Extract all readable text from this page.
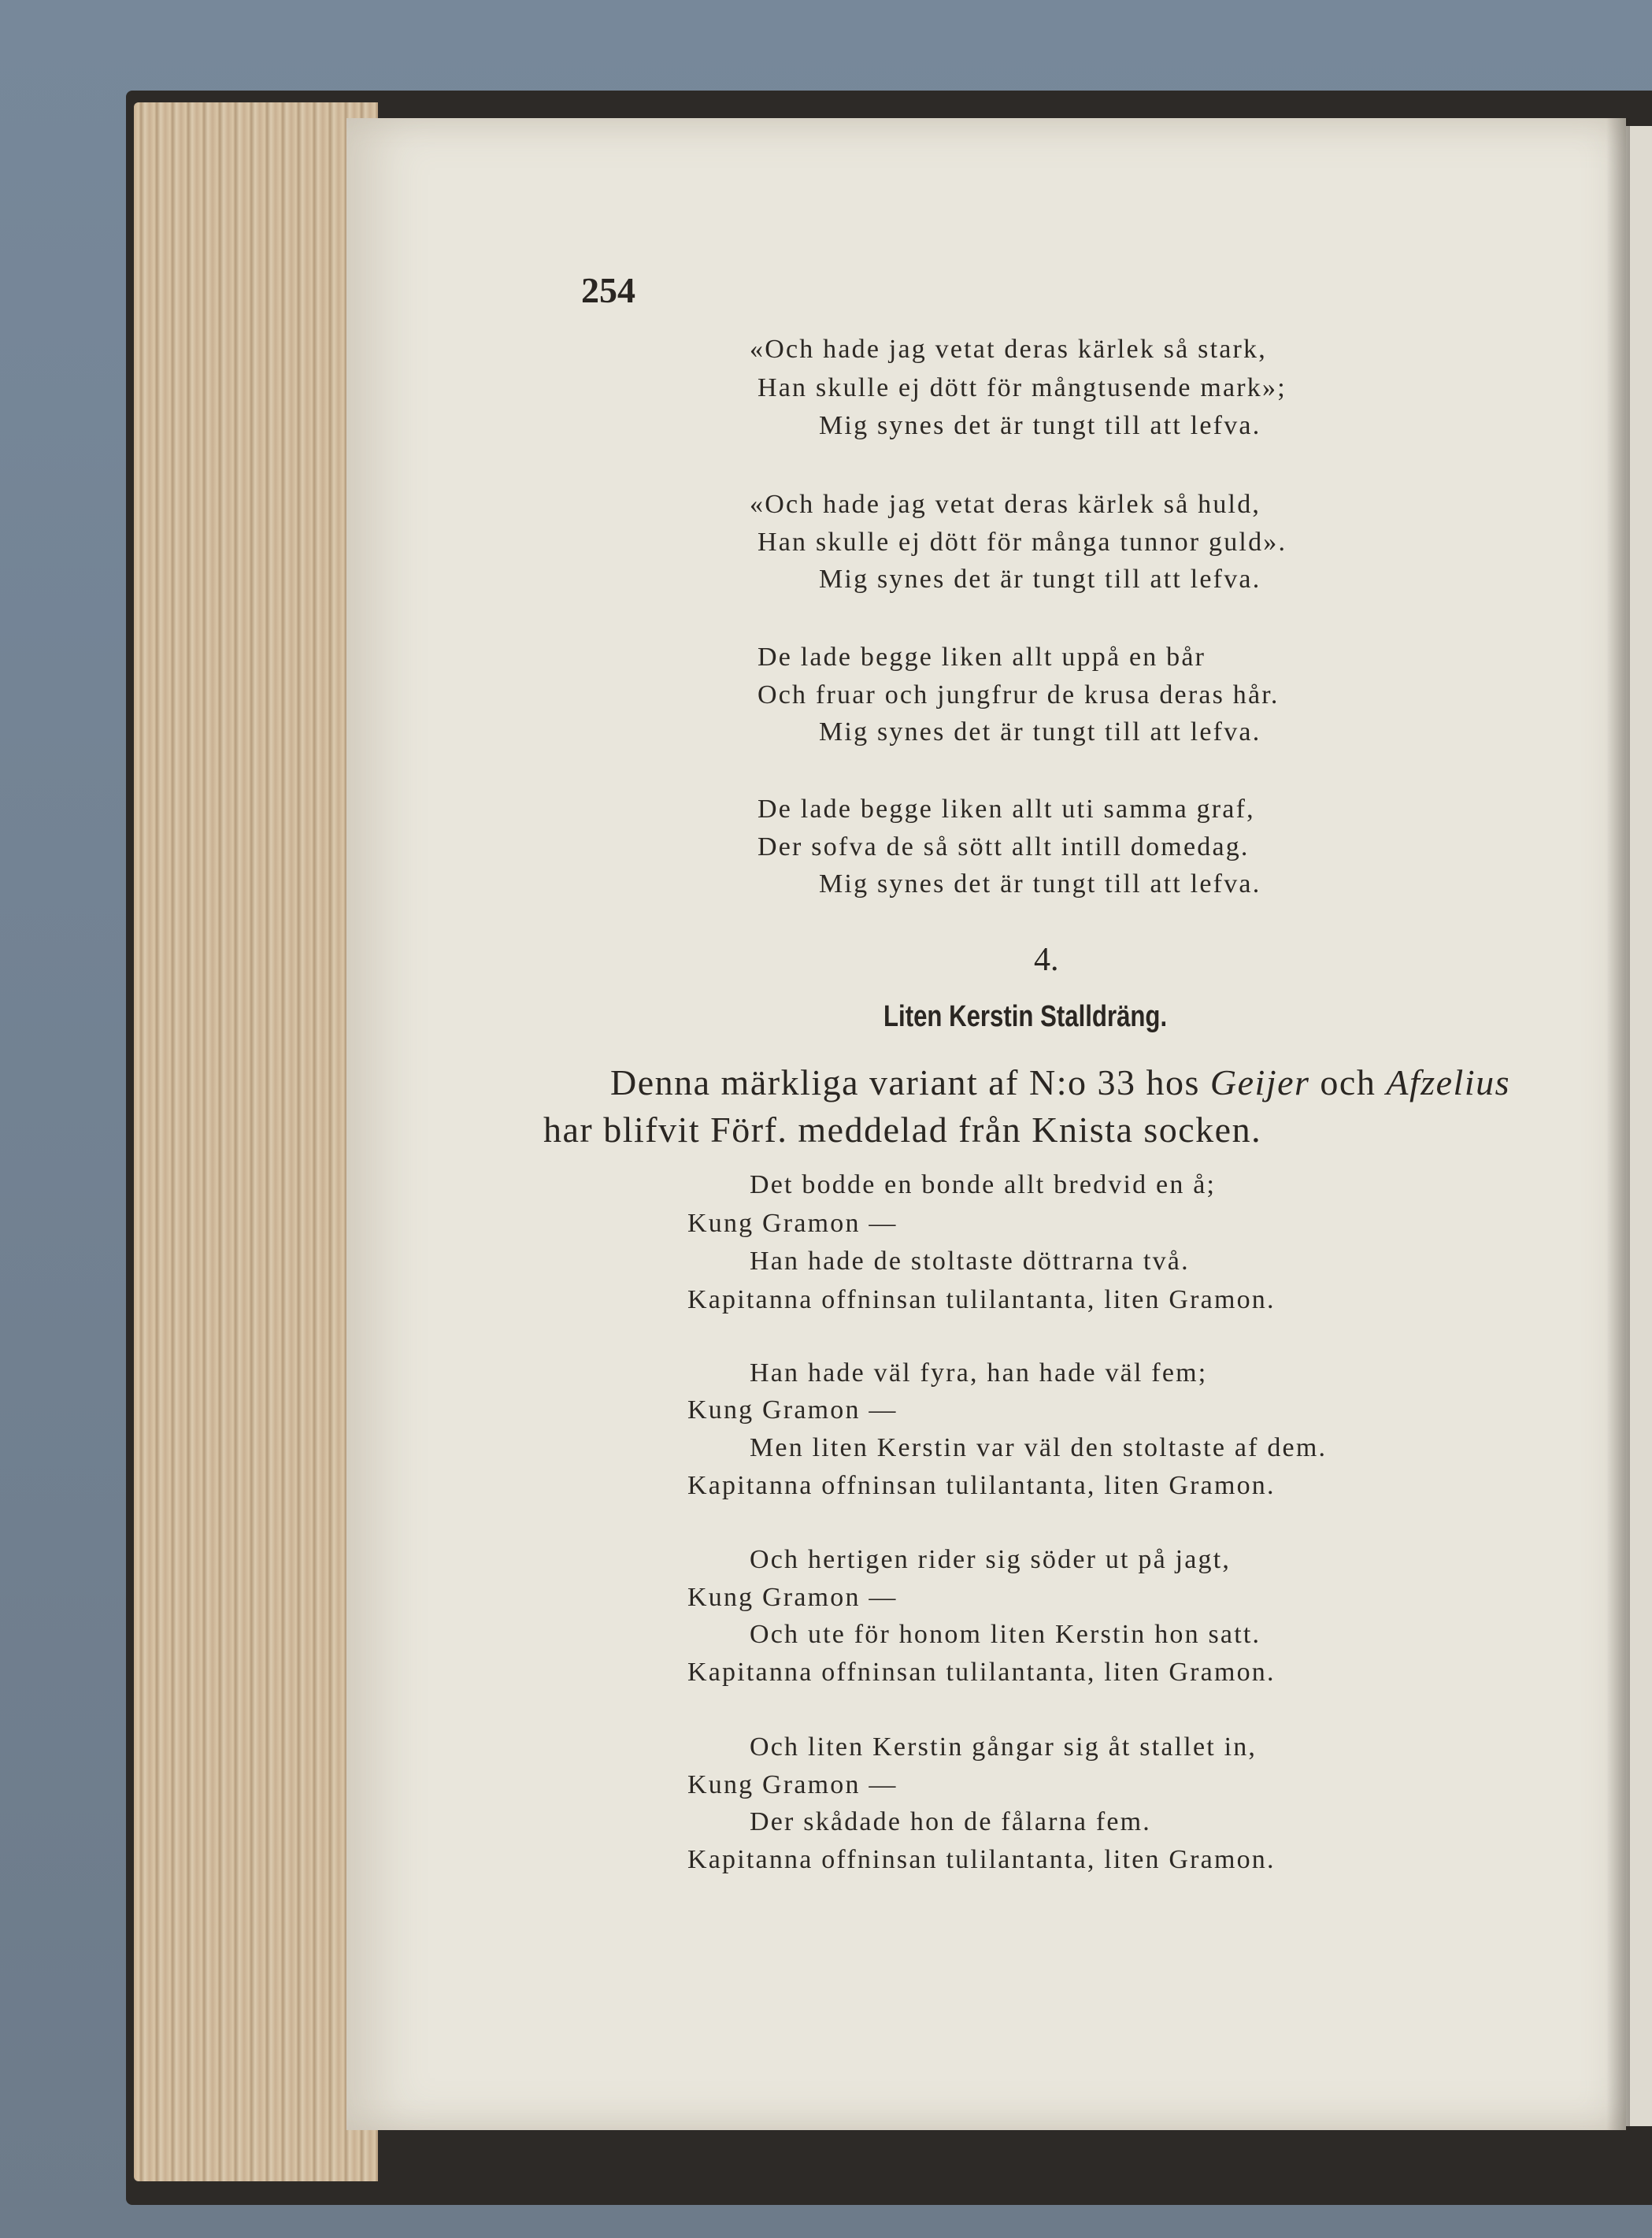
254
«Och hade jag vetat deras kärlek så stark,
Han skulle ej dött för mångtusende mark»;
Mig synes det är tungt till att lefva.
«Och hade jag vetat deras kärlek så huld,
Han skulle ej dött för många tunnor guld».
Mig synes det är tungt till att lefva.
De lade begge liken allt uppå en bår
Och fruar och jungfrur de krusa deras hår.
Mig synes det är tungt till att lefva.
De lade begge liken allt uti samma graf,
Der sofva de så sött allt intill domedag.
Mig synes det är tungt till att lefva.
4.
Liten Kerstin Stalldräng.
Denna märkliga variant af N:o 33 hos Geijer och Afzelius
har blifvit Förf. meddelad från Knista socken.
Det bodde en bonde allt bredvid en å;
Kung Gramon —
Han hade de stoltaste döttrarna två.
Kapitanna offninsan tulilantanta, liten Gramon.
Han hade väl fyra, han hade väl fem;
Kung Gramon —
Men liten Kerstin var väl den stoltaste af dem.
Kapitanna offninsan tulilantanta, liten Gramon.
Och hertigen rider sig söder ut på jagt,
Kung Gramon —
Och ute för honom liten Kerstin hon satt.
Kapitanna offninsan tulilantanta, liten Gramon.
Och liten Kerstin gångar sig åt stallet in,
Kung Gramon —
Der skådade hon de fålarna fem.
Kapitanna offninsan tulilantanta, liten Gramon.
